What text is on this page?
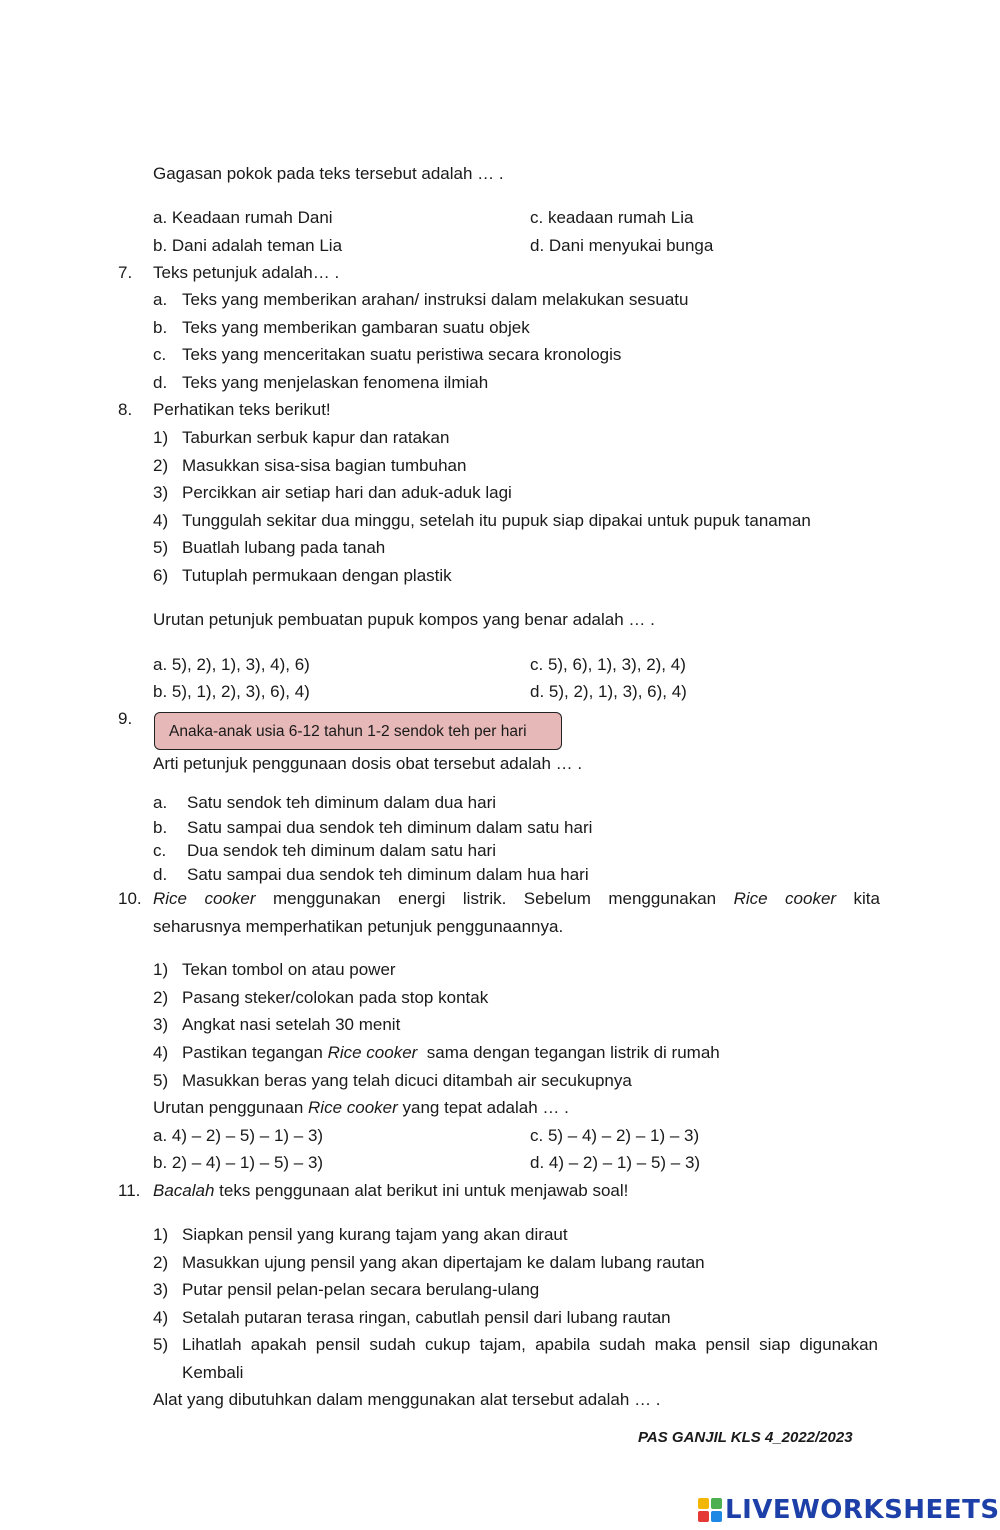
Gagasan pokok pada teks tersebut adalah … .
a. Keadaan rumah Dani	c. keadaan rumah Lia
b. Dani adalah teman Lia	d. Dani menyukai bunga
7. Teks petunjuk adalah… .
a. Teks yang memberikan arahan/ instruksi dalam melakukan sesuatu
b. Teks yang memberikan gambaran suatu objek
c. Teks yang menceritakan suatu peristiwa secara kronologis
d. Teks yang menjelaskan fenomena ilmiah
8. Perhatikan teks berikut!
1) Taburkan serbuk kapur dan ratakan
2) Masukkan sisa-sisa bagian tumbuhan
3) Percikkan air setiap hari dan aduk-aduk lagi
4) Tunggulah sekitar dua minggu, setelah itu pupuk siap dipakai untuk pupuk tanaman
5) Buatlah lubang pada tanah
6) Tutuplah permukaan dengan plastik
Urutan petunjuk pembuatan pupuk kompos yang benar adalah … .
a. 5), 2), 1), 3), 4), 6)	c. 5), 6), 1), 3), 2), 4)
b. 5), 1), 2), 3), 6), 4)	d. 5), 2), 1), 3), 6), 4)
9.
Anaka-anak usia 6-12 tahun 1-2 sendok teh per hari
Arti petunjuk penggunaan dosis obat tersebut adalah … .
a. Satu sendok teh diminum dalam dua hari
b. Satu sampai dua sendok teh diminum dalam satu hari
c. Dua sendok teh diminum dalam satu hari
d. Satu sampai dua sendok teh diminum dalam hua hari
10. Rice cooker menggunakan energi listrik. Sebelum menggunakan Rice cooker kita
seharusnya memperhatikan petunjuk penggunaannya.
1) Tekan tombol on atau power
2) Pasang steker/colokan pada stop kontak
3) Angkat nasi setelah 30 menit
4) Pastikan tegangan Rice cooker  sama dengan tegangan listrik di rumah
5) Masukkan beras yang telah dicuci ditambah air secukupnya
Urutan penggunaan Rice cooker yang tepat adalah … .
a. 4) – 2) – 5) – 1) – 3)	c. 5) – 4) – 2) – 1) – 3)
b. 2) – 4) – 1) – 5) – 3)	d. 4) – 2) – 1) – 5) – 3)
11. Bacalah teks penggunaan alat berikut ini untuk menjawab soal!
1) Siapkan pensil yang kurang tajam yang akan diraut
2) Masukkan ujung pensil yang akan dipertajam ke dalam lubang rautan
3) Putar pensil pelan-pelan secara berulang-ulang
4) Setalah putaran terasa ringan, cabutlah pensil dari lubang rautan
5) Lihatlah apakah pensil sudah cukup tajam, apabila sudah maka pensil siap digunakan
Kembali
Alat yang dibutuhkan dalam menggunakan alat tersebut adalah … .
PAS GANJIL KLS 4_2022/2023
LIVEWORKSHEETS
